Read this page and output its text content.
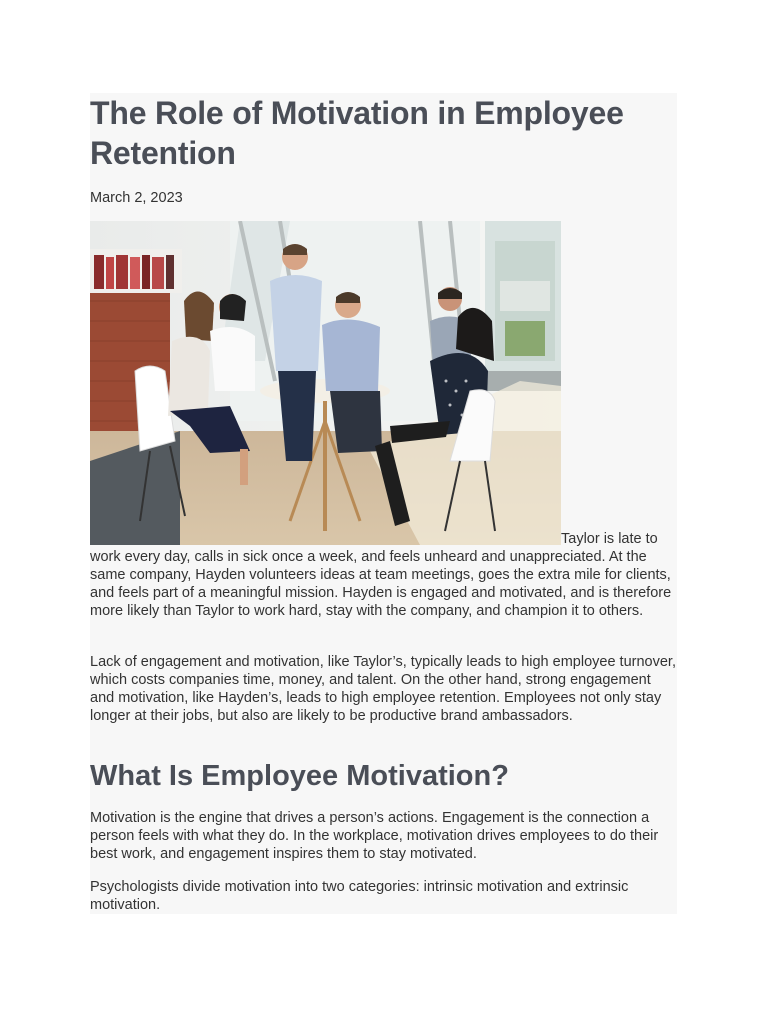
The Role of Motivation in Employee Retention
March 2, 2023
Taylor is late to

work every day, calls in sick once a week, and feels unheard and unappreciated. At the same company, Hayden volunteers ideas at team meetings, goes the extra mile for clients, and feels part of a meaningful mission. Hayden is engaged and motivated, and is therefore more likely than Taylor to work hard, stay with the company, and champion it to others.

Lack of engagement and motivation, like Taylor’s, typically leads to high employee turnover, which costs companies time, money, and talent. On the other hand, strong engagement and motivation, like Hayden’s, leads to high employee retention. Employees not only stay longer at their jobs, but also are likely to be productive brand ambassadors.

What Is Employee Motivation?

Motivation is the engine that drives a person’s actions. Engagement is the connection a person feels with what they do. In the workplace, motivation drives employees to do their best work, and engagement inspires them to stay motivated.

Psychologists divide motivation into two categories: intrinsic motivation and extrinsic motivation.
